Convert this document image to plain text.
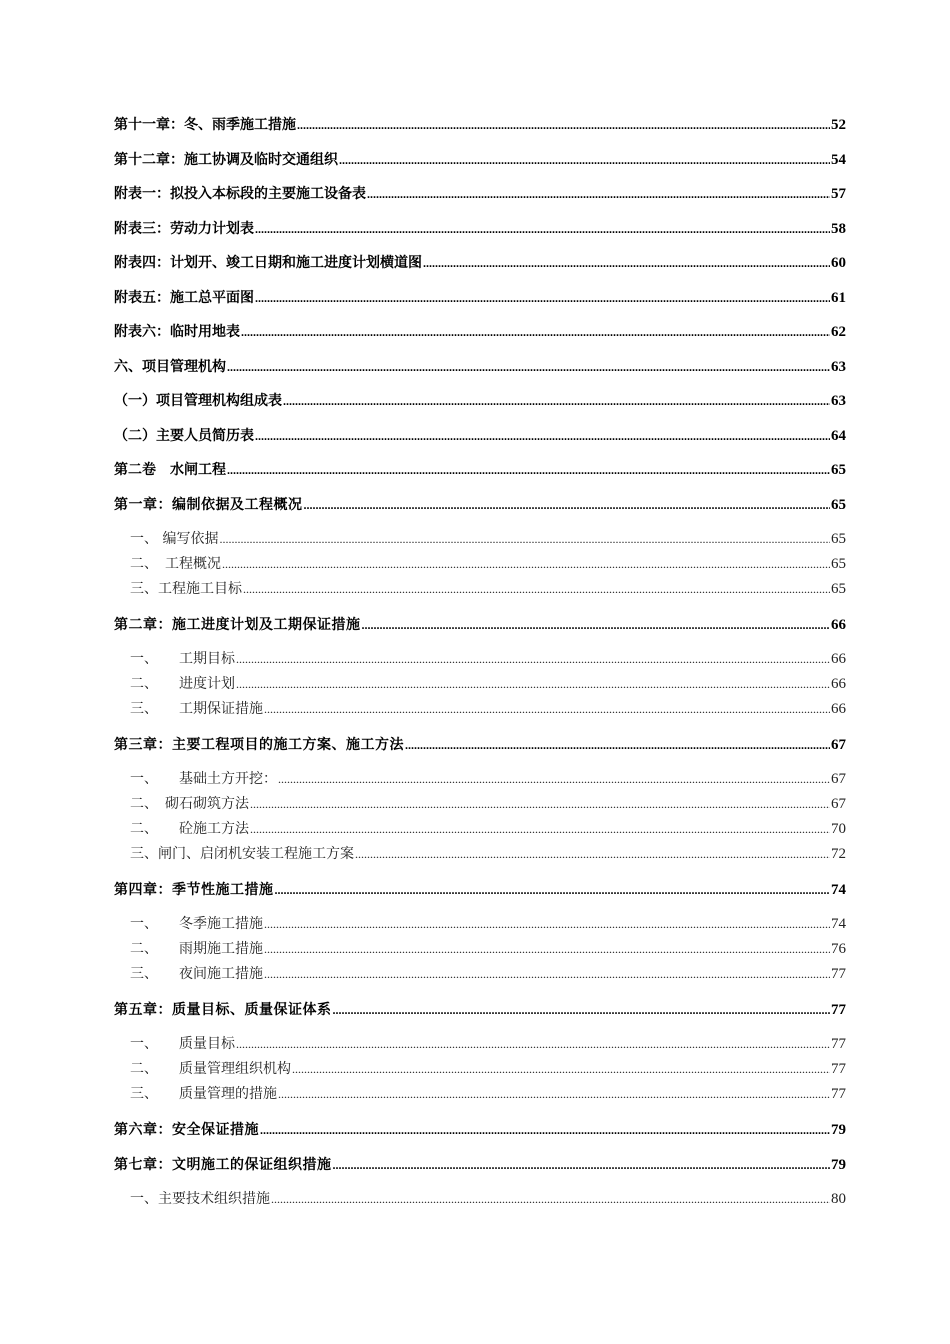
第十一章：冬、雨季施工措施 .....	52
第十二章：施工协调及临时交通组织 .....	54
附表一：拟投入本标段的主要施工设备表 .....	57
附表三：劳动力计划表 .....	58
附表四：计划开、竣工日期和施工进度计划横道图 .....	60
附表五：施工总平面图 .....	61
附表六：临时用地表 .....	62
六、项目管理机构 .....	63
（一）项目管理机构组成表 .....	63
（二）主要人员简历表 .....	64
第二卷　水闸工程 .....	65
第一章：编制依据及工程概况 .....	65
一、 编写依据 .....	65
二、　工程概况 .....	65
三、工程施工目标 .....	65
第二章：施工进度计划及工期保证措施 .....	66
一、　　工期目标 .....	66
二、　　进度计划 .....	66
三、　　工期保证措施 .....	66
第三章：主要工程项目的施工方案、施工方法 .....	67
一、　　基础土方开挖： .....	67
二、　砌石砌筑方法 .....	67
二、　　砼施工方法 .....	70
三、闸门、启闭机安装工程施工方案 .....	72
第四章：季节性施工措施 .....	74
一、　　冬季施工措施 .....	74
二、　　雨期施工措施 .....	76
三、　　夜间施工措施 .....	77
第五章：质量目标、质量保证体系 .....	77
一、　　质量目标 .....	77
二、　　质量管理组织机构 .....	77
三、　　质量管理的措施 .....	77
第六章：安全保证措施 .....	79
第七章：文明施工的保证组织措施 .....	79
一、主要技术组织措施 .....	80
